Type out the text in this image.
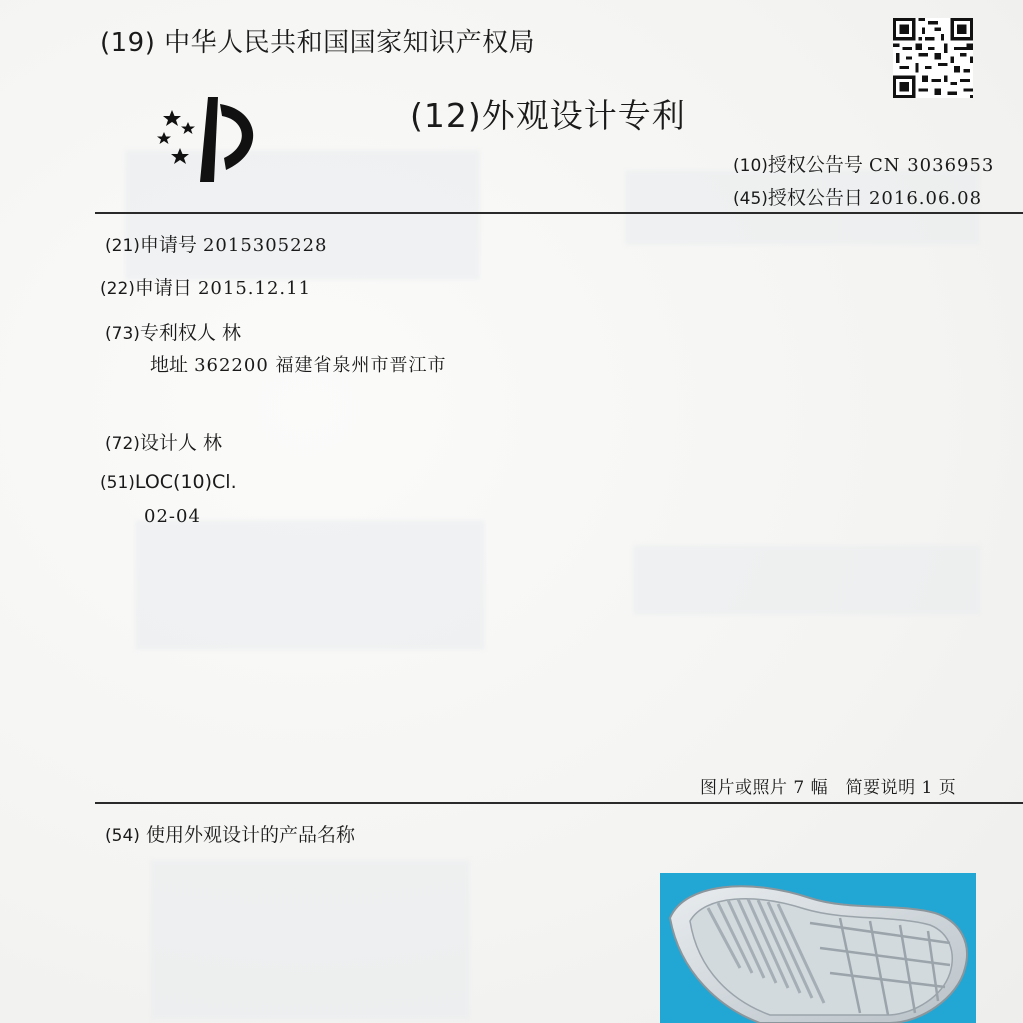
(19) 中华人民共和国国家知识产权局
(12)外观设计专利
(10)授权公告号 CN 3036953
(45)授权公告日 2016.06.08
(21)申请号 2015305228
(22)申请日 2015.12.11
(73)专利权人 林
地址 362200 福建省泉州市晋江市
(72)设计人 林
(51)LOC(10)Cl.
02-04
图片或照片 7 幅　简要说明 1 页
(54) 使用外观设计的产品名称
